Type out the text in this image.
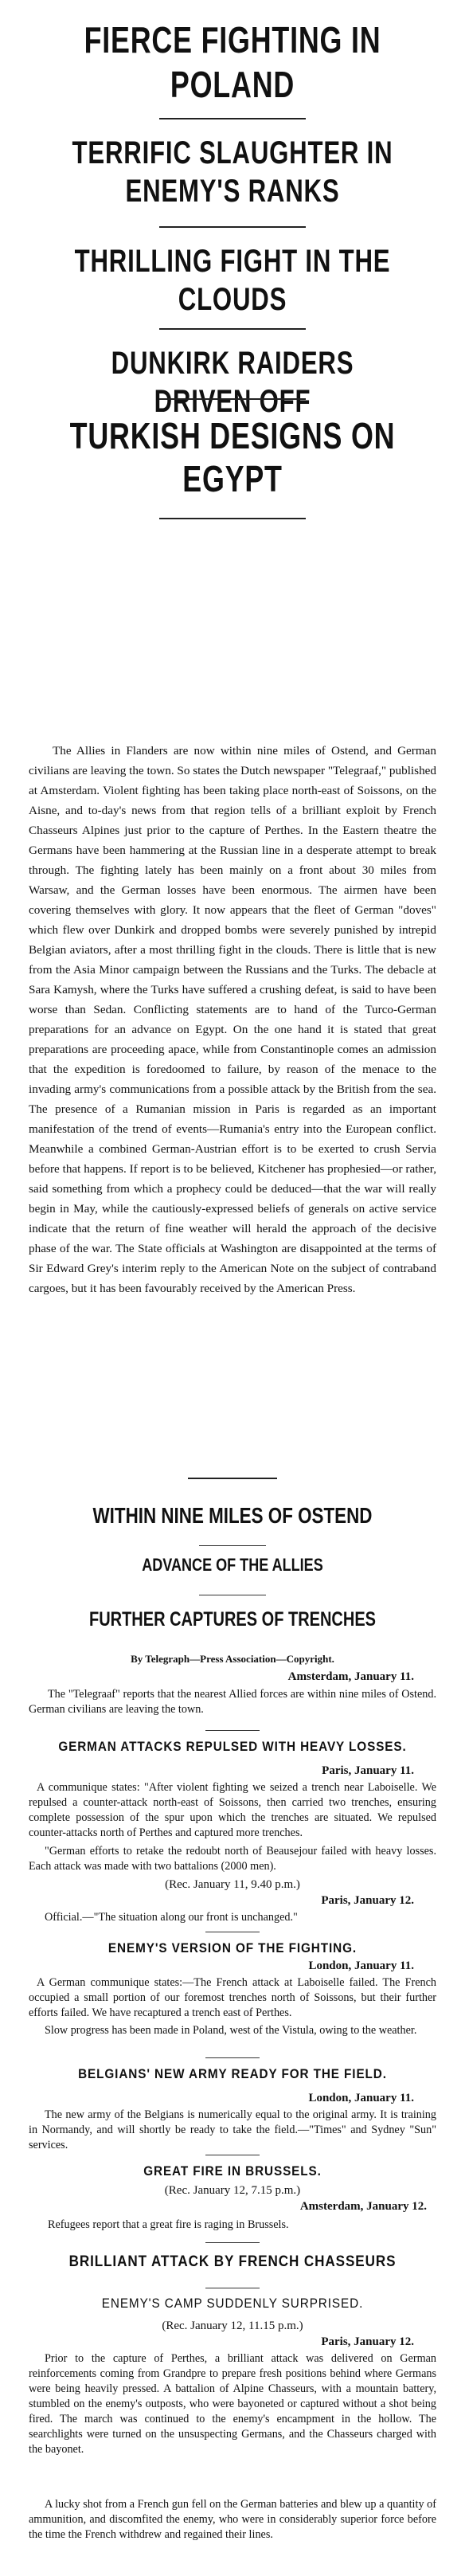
FIERCE FIGHTING IN POLAND
TERRIFIC SLAUGHTER IN ENEMY'S RANKS
THRILLING FIGHT IN THE CLOUDS
DUNKIRK RAIDERS DRIVEN OFF
TURKISH DESIGNS ON EGYPT

The Allies in Flanders are now within nine miles of Ostend, and German civilians are leaving the town. So states the Dutch newspaper "Telegraaf," published at Amsterdam. Violent fighting has been taking place north-east of Soissons, on the Aisne, and to-day's news from that region tells of a brilliant exploit by French Chasseurs Alpines just prior to the capture of Perthes. In the Eastern theatre the Germans have been hammering at the Russian line in a desperate attempt to break through. The fighting lately has been mainly on a front about 30 miles from Warsaw, and the German losses have been enormous. The airmen have been covering themselves with glory. It now appears that the fleet of German "doves" which flew over Dunkirk and dropped bombs were severely punished by intrepid Belgian aviators, after a most thrilling fight in the clouds. There is little that is new from the Asia Minor campaign between the Russians and the Turks. The debacle at Sara Kamysh, where the Turks have suffered a crushing defeat, is said to have been worse than Sedan. Conflicting statements are to hand of the Turco-German preparations for an advance on Egypt. On the one hand it is stated that great preparations are proceeding apace, while from Constantinople comes an admission that the expedition is foredoomed to failure, by reason of the menace to the invading army's communications from a possible attack by the British from the sea. The presence of a Rumanian mission in Paris is regarded as an important manifestation of the trend of events—Rumania's entry into the European conflict. Meanwhile a combined German-Austrian effort is to be exerted to crush Servia before that happens. If report is to be believed, Kitchener has prophesied—or rather, said something from which a prophecy could be deduced—that the war will really begin in May, while the cautiously-expressed beliefs of generals on active service indicate that the return of fine weather will herald the approach of the decisive phase of the war. The State officials at Washington are disappointed at the terms of Sir Edward Grey's interim reply to the American Note on the subject of contraband cargoes, but it has been favourably received by the American Press.

WITHIN NINE MILES OF OSTEND
ADVANCE OF THE ALLIES
FURTHER CAPTURES OF TRENCHES
By Telegraph—Press Association—Copyright.
Amsterdam, January 11.

The "Telegraaf" reports that the nearest Allied forces are within nine miles of Ostend. German civilians are leaving the town.

GERMAN ATTACKS REPULSED WITH HEAVY LOSSES.
Paris, January 11.

A communique states: "After violent fighting we seized a trench near Laboiselle. We repulsed a counter-attack north-east of Soissons, then carried two trenches, ensuring complete possession of the spur upon which the trenches are situated. We repulsed counter-attacks north of Perthes and captured more trenches.

"German efforts to retake the redoubt north of Beausejour failed with heavy losses. Each attack was made with two battalions (2000 men).

(Rec. January 11, 9.40 p.m.)
Paris, January 12.

Official.—"The situation along our front is unchanged."

ENEMY'S VERSION OF THE FIGHTING.
London, January 11.

A German communique states:—The French attack at Laboiselle failed. The French occupied a small portion of our foremost trenches north of Soissons, but their further efforts failed. We have recaptured a trench east of Perthes.

Slow progress has been made in Poland, west of the Vistula, owing to the weather.

BELGIANS' NEW ARMY READY FOR THE FIELD.
London, January 11.

The new army of the Belgians is numerically equal to the original army. It is training in Normandy, and will shortly be ready to take the field.—"Times" and Sydney "Sun" services.

GREAT FIRE IN BRUSSELS.
(Rec. January 12, 7.15 p.m.)
Amsterdam, January 12.

Refugees report that a great fire is raging in Brussels.

BRILLIANT ATTACK BY FRENCH CHASSEURS
ENEMY'S CAMP SUDDENLY SURPRISED.
(Rec. January 12, 11.15 p.m.)
Paris, January 12.

Prior to the capture of Perthes, a brilliant attack was delivered on German reinforcements coming from Grandpre to prepare fresh positions behind where Germans were being heavily pressed. A battalion of Alpine Chasseurs, with a mountain battery, stumbled on the enemy's outposts, who were bayoneted or captured without a shot being fired. The march was continued to the enemy's encampment in the hollow. The searchlights were turned on the unsuspecting Germans, and the Chasseurs charged with the bayonet.

A lucky shot from a French gun fell on the German batteries and blew up a quantity of ammunition, and discomfited the enemy, who were in considerably superior force before the time the French withdrew and regained their lines.
